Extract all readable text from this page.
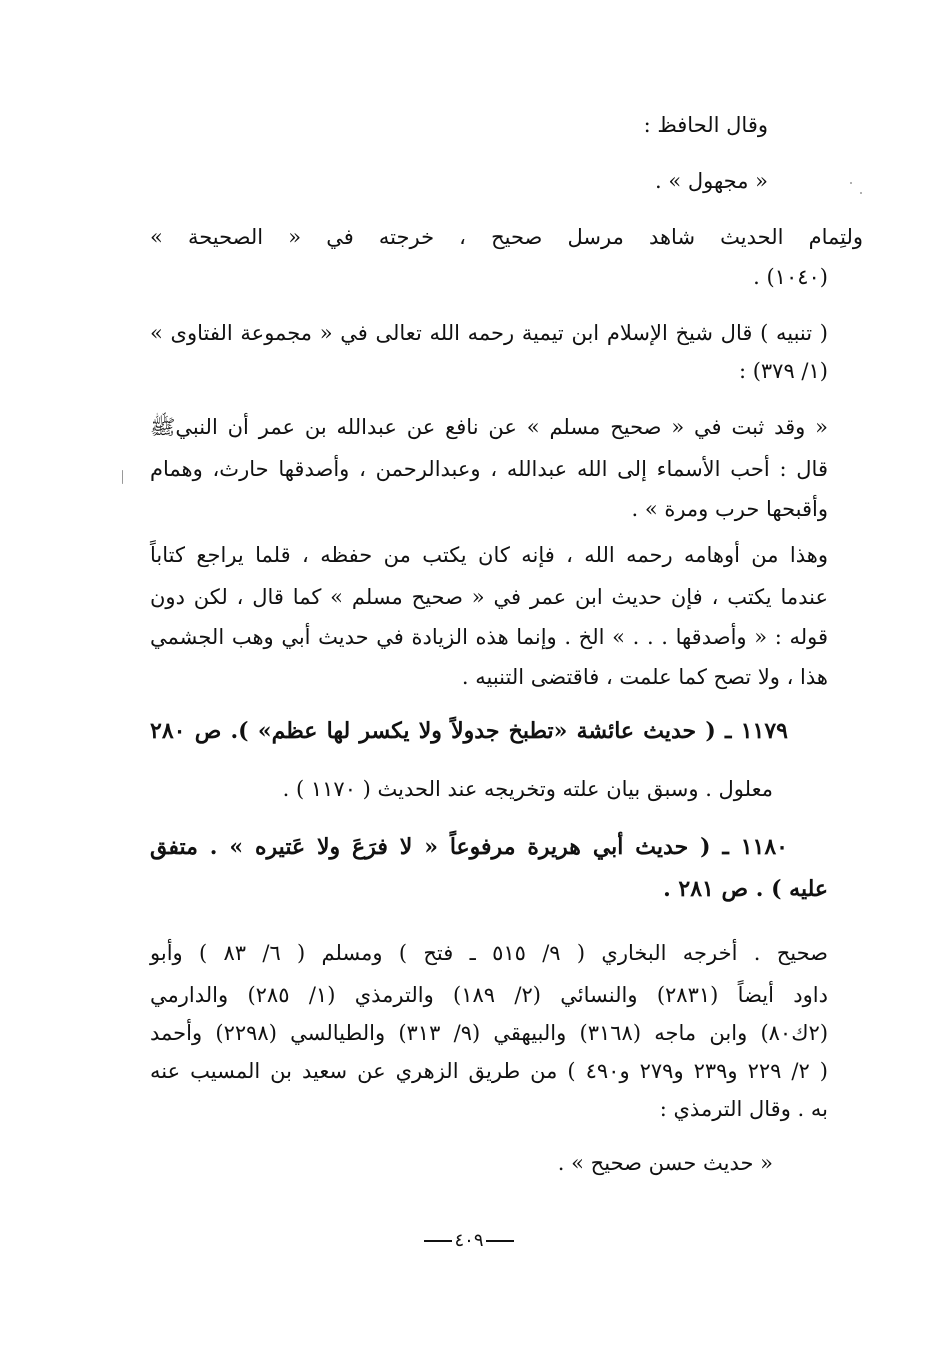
وقال الحافظ :
« مجهول » .
ولتِمام الحديث شاهد مرسل صحيح ، خرجته في « الصحيحة »
(١٠٤٠) .
( تنبيه ) قال شيخ الإسلام ابن تيمية رحمه الله تعالى في « مجموعة الفتاوى »
(١/ ٣٧٩) :
« وقد ثبت في « صحيح مسلم » عن نافع عن عبدالله بن عمر أن النبيﷺ
قال : أحب الأسماء إلى الله عبدالله ، وعبدالرحمن ، وأصدقها حارث، وهمام
وأقبحها حرب ومرة » .
وهذا من أوهامه رحمه الله ، فإنه كان يكتب من حفظه ، قلما يراجع كتاباً
عندما يكتب ، فإن حديث ابن عمر في « صحيح مسلم » كما قال ، لكن دون
قوله : « وأصدقها . . . » الخ . وإنما هذه الزيادة في حديث أبي وهب الجشمي
هذا ، ولا تصح كما علمت ، فاقتضى التنبيه .
١١٧٩ ـ ( حديث عائشة «تطبخ جدولاً ولا يكسر لها عظم» ). ص ٢٨٠
معلول . وسبق بيان علته وتخريجه عند الحديث ( ١١٧٠ ) .
١١٨٠ ـ ( حديث أبي هريرة مرفوعاً « لا فرَعَ ولا عَتيره » . متفق
عليه ) . ص ٢٨١ .
صحيح . أخرجه البخاري ( ٩/ ٥١٥ ـ فتح ) ومسلم ( ٦/ ٨٣ ) وأبو
داود أيضاً (٢٨٣١) والنسائي (٢/ ١٨٩) والترمذي (١/ ٢٨٥) والدارمي
(٢ك٨٠) وابن ماجه (٣١٦٨) والبيهقي (٩/ ٣١٣) والطيالسي (٢٢٩٨) وأحمد
( ٢/ ٢٢٩ و٢٣٩ و٢٧٩ و٤٩٠ ) من طريق الزهري عن سعيد بن المسيب عنه
به . وقال الترمذي :
« حديث حسن صحيح » .
٤٠٩
